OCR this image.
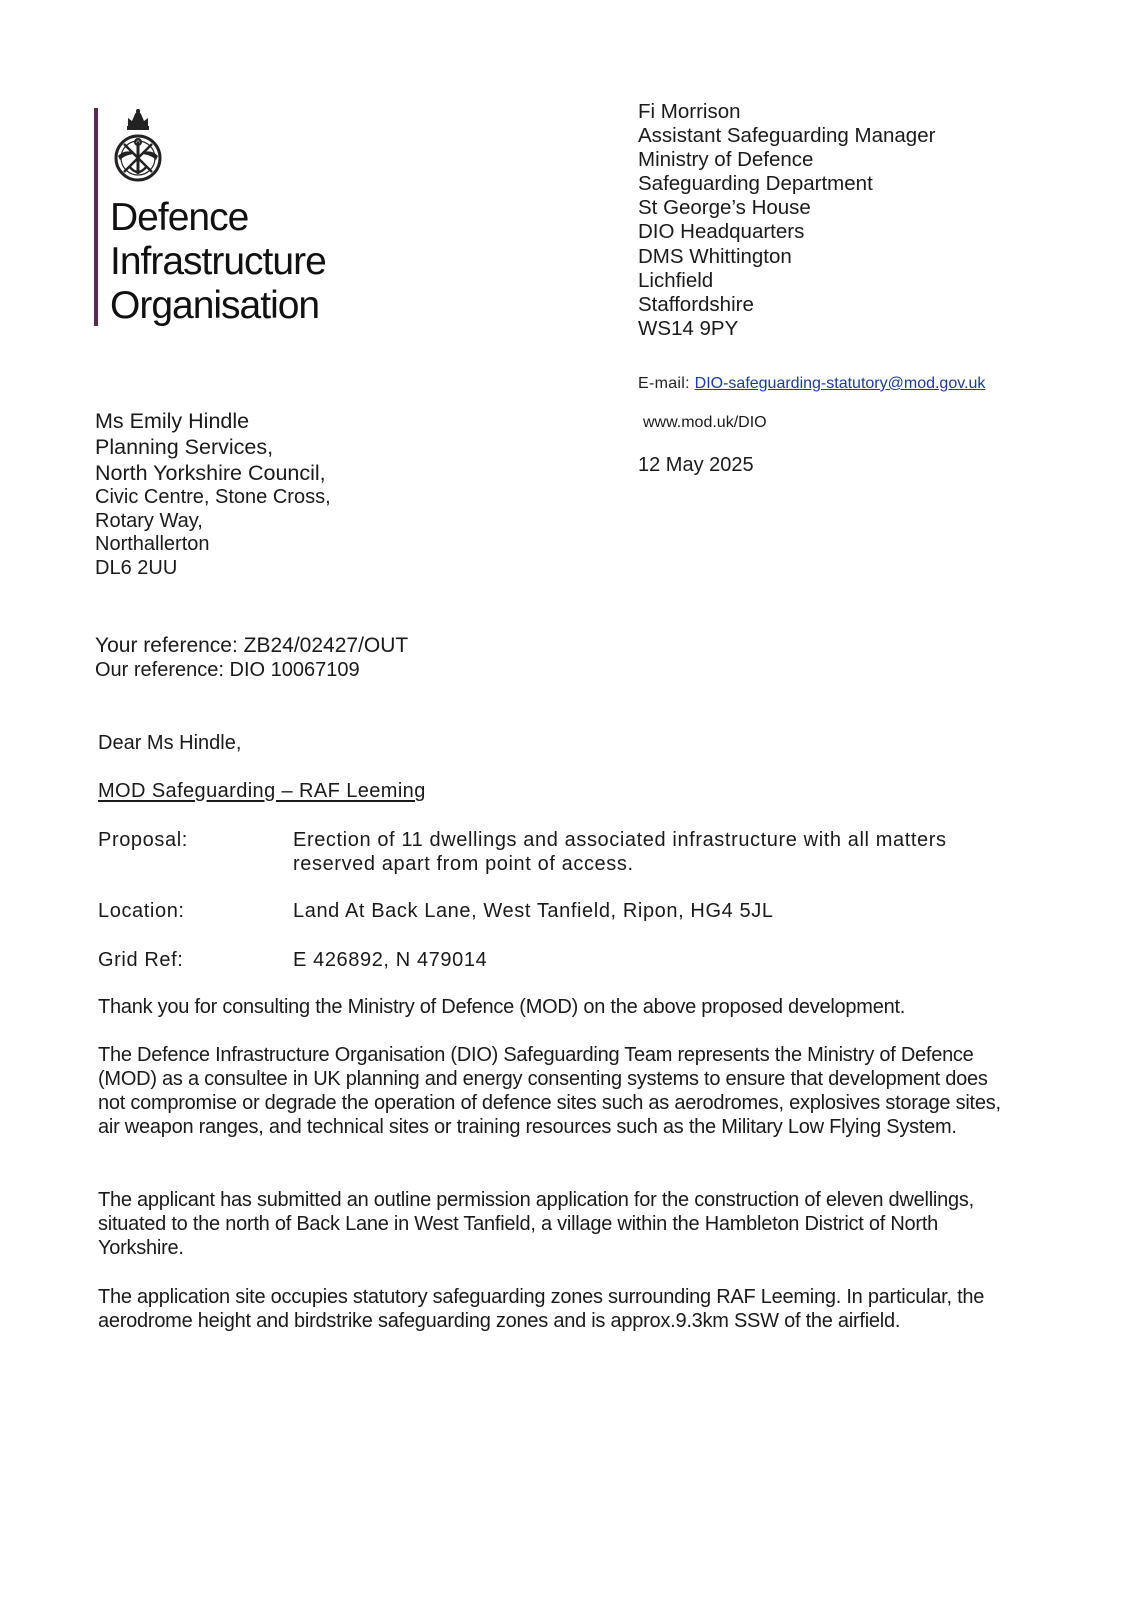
Defence
Infrastructure
Organisation
Fi Morrison
Assistant Safeguarding Manager
Ministry of Defence
Safeguarding Department
St George’s House
DIO Headquarters
DMS Whittington
Lichfield
Staffordshire
WS14 9PY
E-mail: DIO-safeguarding-statutory@mod.gov.uk
www.mod.uk/DIO
12 May 2025
Ms Emily Hindle
Planning Services,
North Yorkshire Council,
Civic Centre, Stone Cross,
Rotary Way,
Northallerton
DL6 2UU
Your reference: ZB24/02427/OUT
Our reference: DIO 10067109
Dear Ms Hindle,
MOD Safeguarding – RAF Leeming
Proposal:	Erection of 11 dwellings and associated infrastructure with all matters reserved apart from point of access.
Location:	Land At Back Lane, West Tanfield, Ripon, HG4 5JL
Grid Ref:	E 426892, N 479014
Thank you for consulting the Ministry of Defence (MOD) on the above proposed development.
The Defence Infrastructure Organisation (DIO) Safeguarding Team represents the Ministry of Defence (MOD) as a consultee in UK planning and energy consenting systems to ensure that development does not compromise or degrade the operation of defence sites such as aerodromes, explosives storage sites, air weapon ranges, and technical sites or training resources such as the Military Low Flying System.
The applicant has submitted an outline permission application for the construction of eleven dwellings, situated to the north of Back Lane in West Tanfield, a village within the Hambleton District of North Yorkshire.
The application site occupies statutory safeguarding zones surrounding RAF Leeming. In particular, the aerodrome height and birdstrike safeguarding zones and is approx.9.3km SSW of the airfield.
